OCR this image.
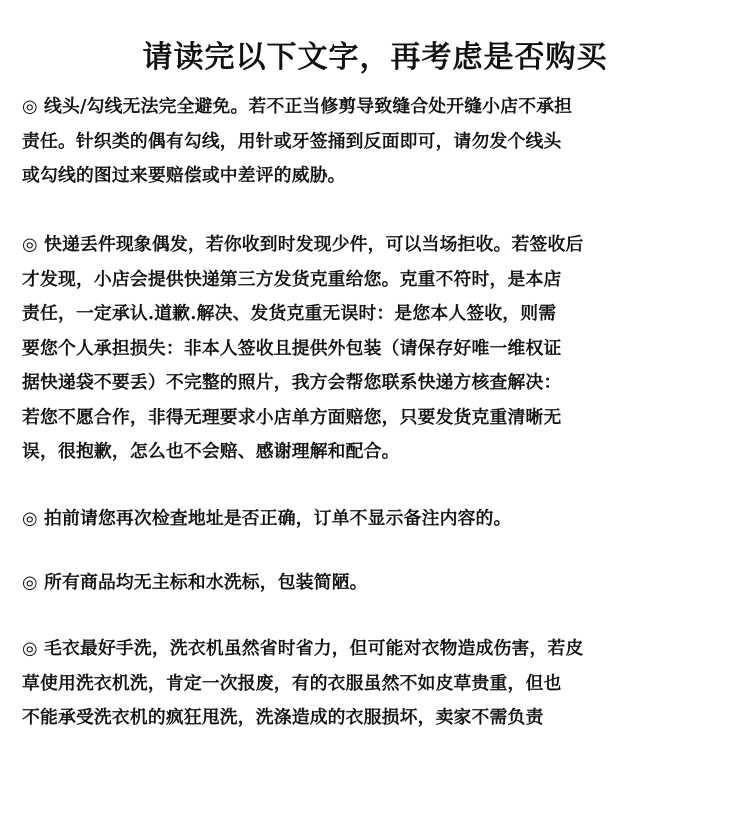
请读完以下文字，再考虑是否购买
◎ 线头/勾线无法完全避免。若不正当修剪导致缝合处开缝小店不承担
责任。针织类的偶有勾线，用针或牙签捅到反面即可，请勿发个线头
或勾线的图过来要赔偿或中差评的威胁。
◎ 快递丢件现象偶发，若你收到时发现少件，可以当场拒收。若签收后
才发现，小店会提供快递第三方发货克重给您。克重不符时，是本店
责任，一定承认.道歉.解决、发货克重无误时：是您本人签收，则需
要您个人承担损失：非本人签收且提供外包装（请保存好唯一维权证
据快递袋不要丢）不完整的照片，我方会帮您联系快递方核查解决：
若您不愿合作，非得无理要求小店单方面赔您，只要发货克重清晰无
误，很抱歉，怎么也不会赔、感谢理解和配合。
◎ 拍前请您再次检查地址是否正确，订单不显示备注内容的。
◎ 所有商品均无主标和水洗标，包装简陋。
◎ 毛衣最好手洗，洗衣机虽然省时省力，但可能对衣物造成伤害，若皮
草使用洗衣机洗，肯定一次报废，有的衣服虽然不如皮草贵重，但也
不能承受洗衣机的疯狂甩洗，洗涤造成的衣服损坏，卖家不需负责
